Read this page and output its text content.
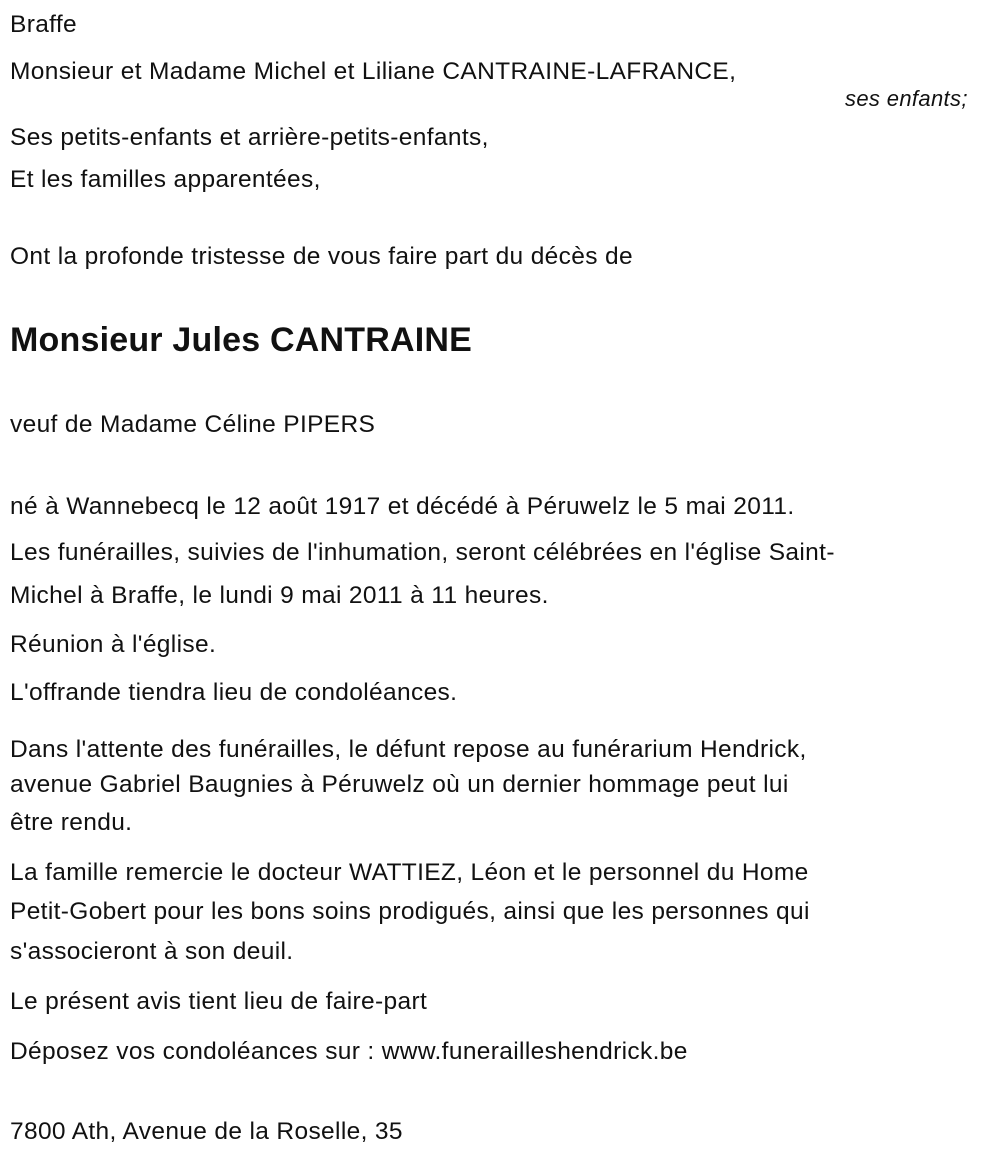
Braffe
Monsieur et Madame Michel et Liliane CANTRAINE-LAFRANCE,
ses enfants;
Ses petits-enfants et arrière-petits-enfants,
Et les familles apparentées,
Ont la profonde tristesse de vous faire part du décès de
Monsieur Jules CANTRAINE
veuf de Madame Céline PIPERS
né à Wannebecq le 12 août 1917 et décédé à Péruwelz le 5 mai 2011.
Les funérailles, suivies de l'inhumation, seront célébrées en l'église Saint-
Michel à Braffe, le lundi 9 mai 2011 à 11 heures.
Réunion à l'église.
L'offrande tiendra lieu de condoléances.
Dans l'attente des funérailles, le défunt repose au funérarium Hendrick,
avenue Gabriel Baugnies à Péruwelz où un dernier hommage peut lui
être rendu.
La famille remercie le docteur WATTIEZ, Léon et le personnel du Home
Petit-Gobert pour les bons soins prodigués, ainsi que les personnes qui
s'associeront à son deuil.
Le présent avis tient lieu de faire-part
Déposez vos condoléances sur : www.funerailleshendrick.be
7800 Ath, Avenue de la Roselle, 35
